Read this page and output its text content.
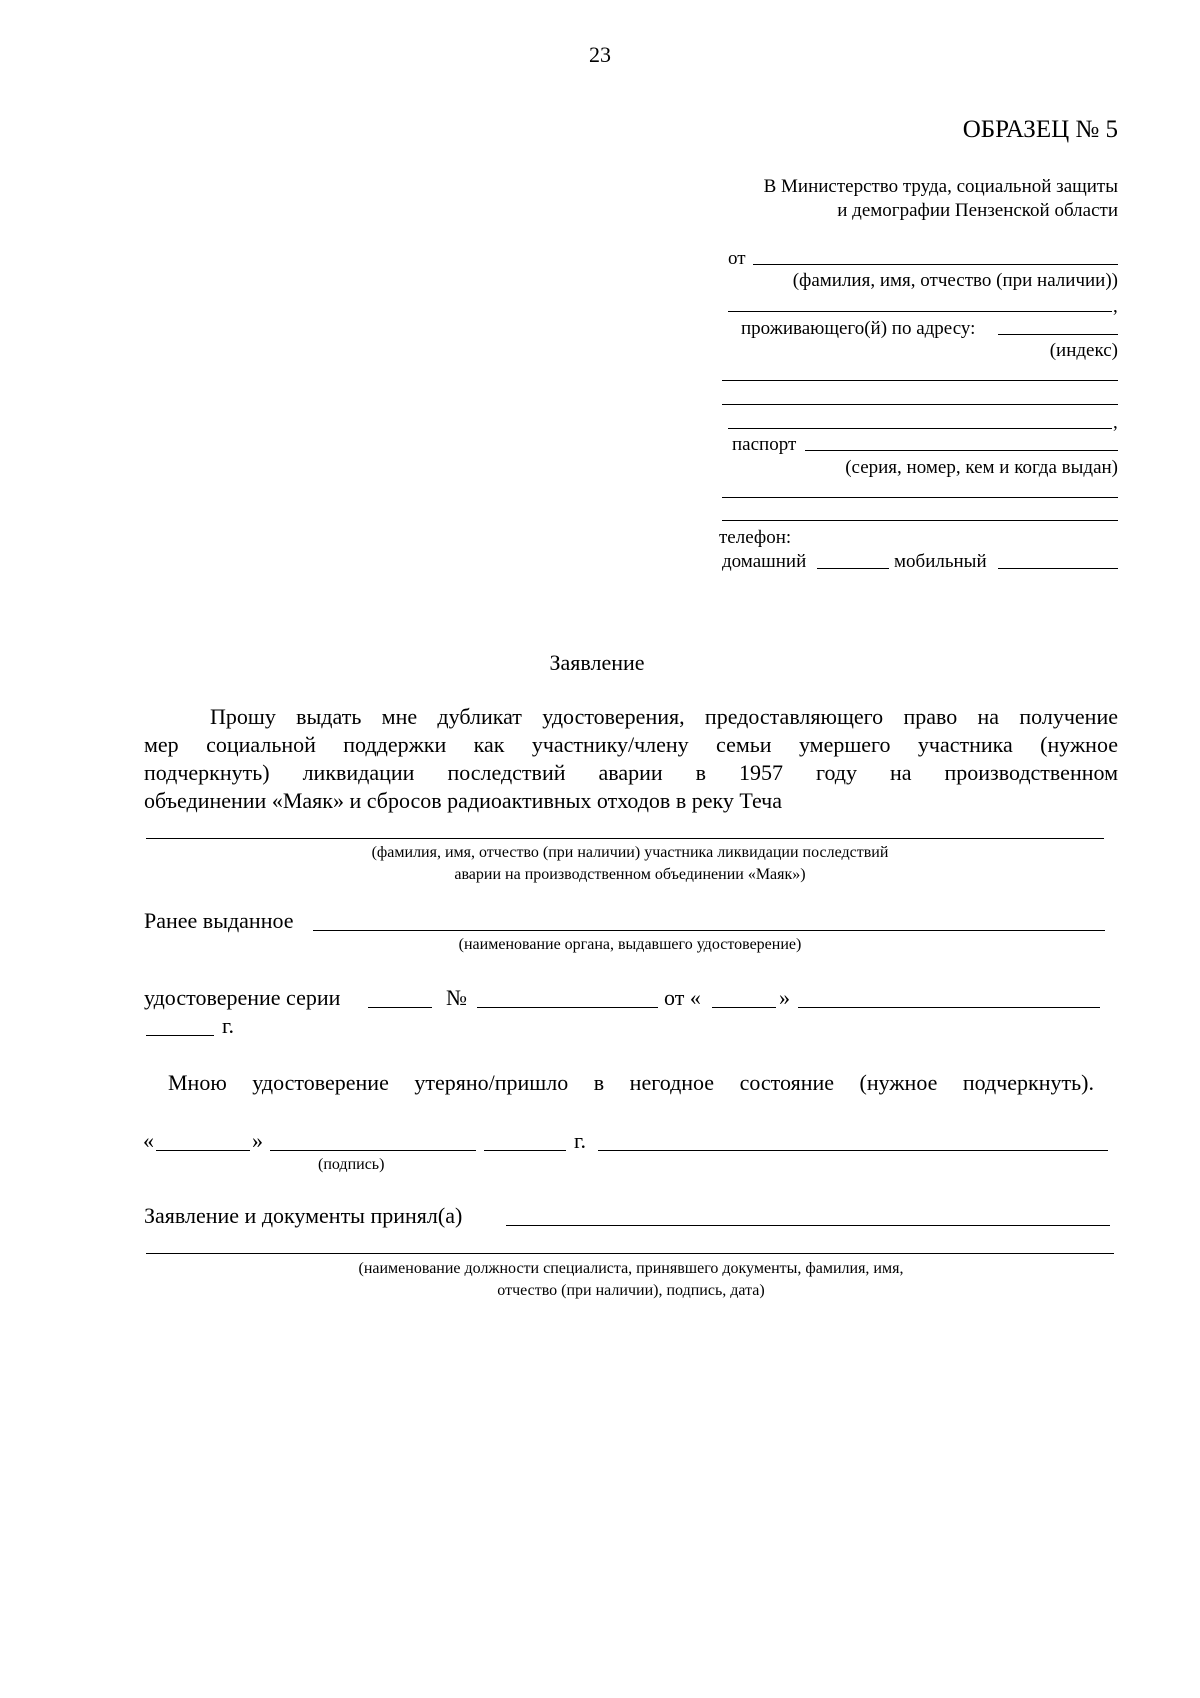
23
ОБРАЗЕЦ № 5
В Министерство труда, социальной защиты
и демографии Пензенской области
от
(фамилия, имя, отчество (при наличии))
,
проживающего(й) по адресу:
(индекс)
,
паспорт
(серия, номер, кем и когда выдан)
телефон:
домашний	мобильный
Заявление
Прошу выдать мне дубликат удостоверения, предоставляющего право на получение
мер социальной поддержки как участнику/члену семьи умершего участника (нужное
подчеркнуть) ликвидации последствий аварии в 1957 году на производственном
объединении «Маяк» и сбросов радиоактивных отходов в реку Теча
(фамилия, имя, отчество (при наличии) участника ликвидации последствий
аварии на производственном объединении «Маяк»)
Ранее выданное
(наименование органа, выдавшего удостоверение)
удостоверение серии	№	от «	»
г.
Мною удостоверение утеряно/пришло в негодное состояние (нужное подчеркнуть).
«	»	г.
(подпись)
Заявление и документы принял(а)
(наименование должности специалиста, принявшего документы, фамилия, имя,
отчество (при наличии), подпись, дата)
